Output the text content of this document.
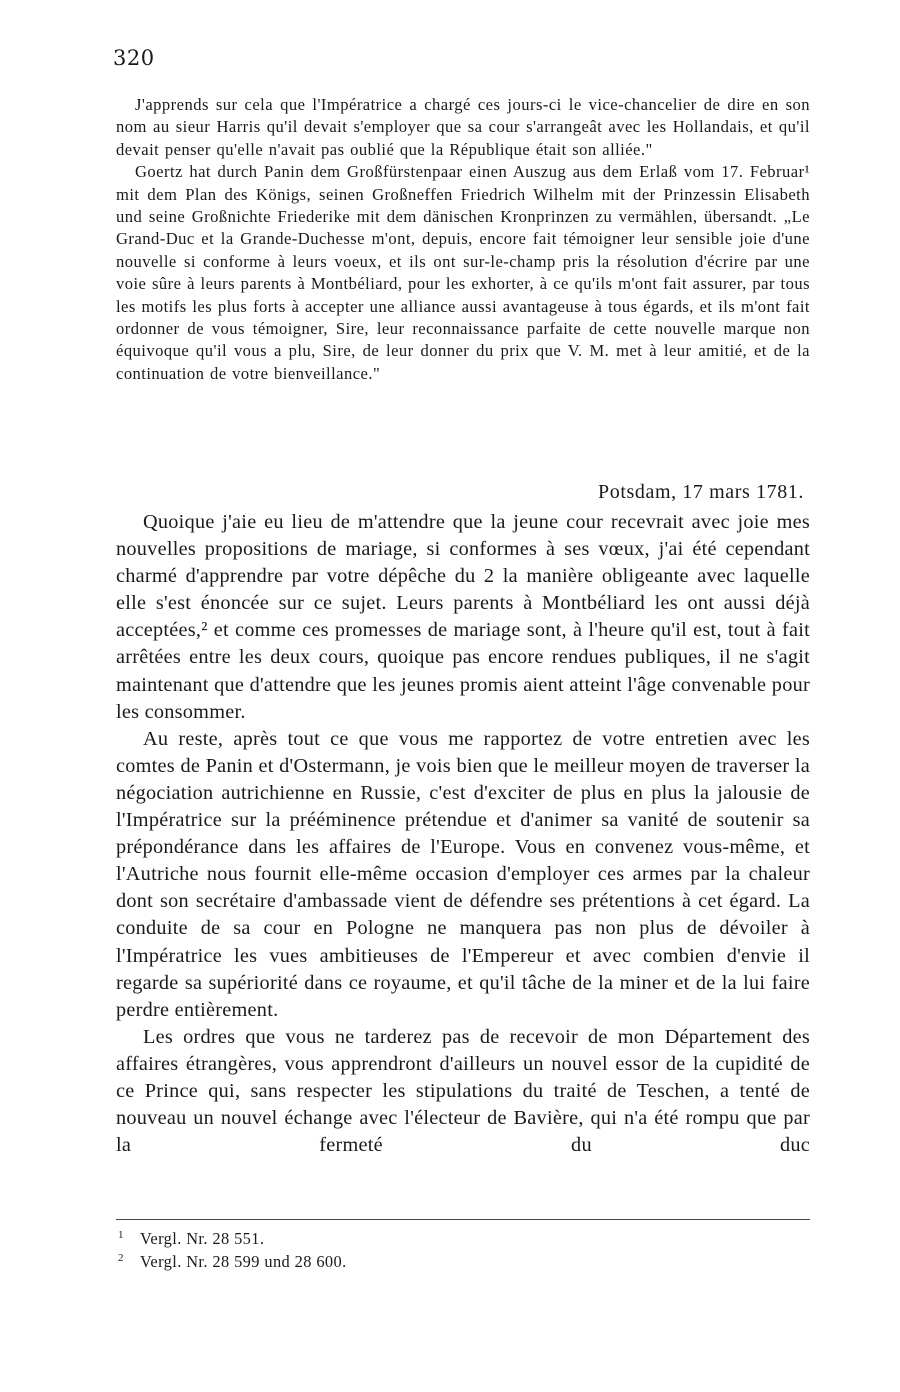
320

J'apprends sur cela que l'Impératrice a chargé ces jours-ci le vice-chancelier de dire en son nom au sieur Harris qu'il devait s'employer que sa cour s'arrangeât avec les Hollandais, et qu'il devait penser qu'elle n'avait pas oublié que la République était son alliée."

Goertz hat durch Panin dem Großfürstenpaar einen Auszug aus dem Erlaß vom 17. Februar¹ mit dem Plan des Königs, seinen Großneffen Friedrich Wilhelm mit der Prinzessin Elisabeth und seine Großnichte Friederike mit dem dänischen Kronprinzen zu vermählen, übersandt. „Le Grand-Duc et la Grande-Duchesse m'ont, depuis, encore fait témoigner leur sensible joie d'une nouvelle si conforme à leurs voeux, et ils ont sur-le-champ pris la résolution d'écrire par une voie sûre à leurs parents à Montbéliard, pour les exhorter, à ce qu'ils m'ont fait assurer, par tous les motifs les plus forts à accepter une alliance aussi avantageuse à tous égards, et ils m'ont fait ordonner de vous témoigner, Sire, leur reconnaissance parfaite de cette nouvelle marque non équivoque qu'il vous a plu, Sire, de leur donner du prix que V. M. met à leur amitié, et de la continuation de votre bienveillance."

Potsdam, 17 mars 1781.

Quoique j'aie eu lieu de m'attendre que la jeune cour recevrait avec joie mes nouvelles propositions de mariage, si conformes à ses vœux, j'ai été cependant charmé d'apprendre par votre dépêche du 2 la manière obligeante avec laquelle elle s'est énoncée sur ce sujet. Leurs parents à Montbéliard les ont aussi déjà acceptées,² et comme ces promesses de mariage sont, à l'heure qu'il est, tout à fait arrêtées entre les deux cours, quoique pas encore rendues publiques, il ne s'agit maintenant que d'attendre que les jeunes promis aient atteint l'âge convenable pour les consommer.

Au reste, après tout ce que vous me rapportez de votre entretien avec les comtes de Panin et d'Ostermann, je vois bien que le meilleur moyen de traverser la négociation autrichienne en Russie, c'est d'exciter de plus en plus la jalousie de l'Impératrice sur la prééminence prétendue et d'animer sa vanité de soutenir sa prépondérance dans les affaires de l'Europe. Vous en convenez vous-même, et l'Autriche nous fournit elle-même occasion d'employer ces armes par la chaleur dont son secrétaire d'ambassade vient de défendre ses prétentions à cet égard. La conduite de sa cour en Pologne ne manquera pas non plus de dévoiler à l'Impératrice les vues ambitieuses de l'Empereur et avec combien d'envie il regarde sa supériorité dans ce royaume, et qu'il tâche de la miner et de la lui faire perdre entièrement.

Les ordres que vous ne tarderez pas de recevoir de mon Département des affaires étrangères, vous apprendront d'ailleurs un nouvel essor de la cupidité de ce Prince qui, sans respecter les stipulations du traité de Teschen, a tenté de nouveau un nouvel échange avec l'électeur de Bavière, qui n'a été rompu que par la fermeté du duc

1 Vergl. Nr. 28 551.
2 Vergl. Nr. 28 599 und 28 600.
